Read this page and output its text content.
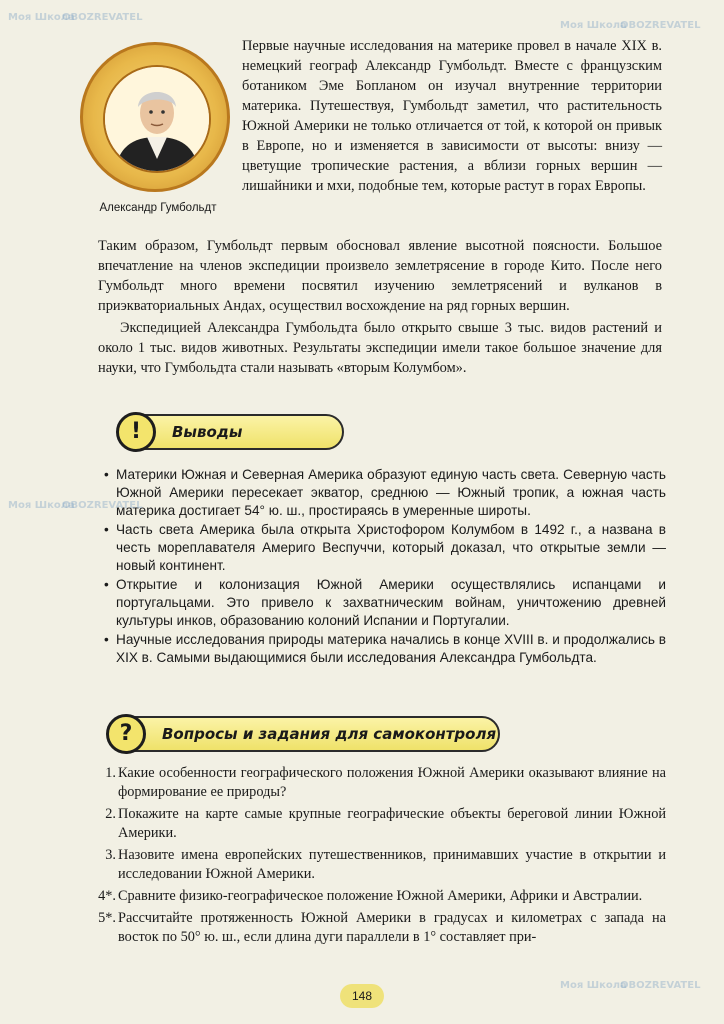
Александр Гумбольдт

Первые научные исследования на материке провел в начале XIX в. немецкий географ Александр Гумбольдт. Вместе с французским ботаником Эме Бопланом он изучал внутренние территории материка. Путешествуя, Гумбольдт заметил, что растительность Южной Америки не только отличается от той, к которой он привык в Европе, но и изменяется в зависимости от высоты: внизу — цветущие тропические растения, а вблизи горных вершин — лишайники и мхи, подобные тем, которые растут в горах Европы.

Таким образом, Гумбольдт первым обосновал явление высотной поясности. Большое впечатление на членов экспедиции произвело землетрясение в городе Кито. После него Гумбольдт много времени посвятил изучению землетрясений и вулканов в приэкваториальных Андах, осуществил восхождение на ряд горных вершин.

Экспедицией Александра Гумбольдта было открыто свыше 3 тыс. видов растений и около 1 тыс. видов животных. Результаты экспедиции имели такое большое значение для науки, что Гумбольдта стали называть «вторым Колумбом».

!	Выводы
• Материки Южная и Северная Америка образуют единую часть света. Северную часть Южной Америки пересекает экватор, среднюю — Южный тропик, а южная часть материка достигает 54° ю. ш., простираясь в умеренные широты.
• Часть света Америка была открыта Христофором Колумбом в 1492 г., а названа в честь мореплавателя Америго Веспуччи, который доказал, что открытые земли — новый континент.
• Открытие и колонизация Южной Америки осуществлялись испанцами и португальцами. Это привело к захватническим войнам, уничтожению древней культуры инков, образованию колоний Испании и Португалии.
• Научные исследования природы материка начались в конце XVIII в. и продолжались в XIX в. Самыми выдающимися были исследования Александра Гумбольдта.
?	Вопросы и задания для самоконтроля
1. Какие особенности географического положения Южной Америки оказывают влияние на формирование ее природы?
2. Покажите на карте самые крупные географические объекты береговой линии Южной Америки.
3. Назовите имена европейских путешественников, принимавших участие в открытии и исследовании Южной Америки.
4*. Сравните физико-географическое положение Южной Америки, Африки и Австралии.
5*. Рассчитайте протяженность Южной Америки в градусах и километрах с запада на восток по 50° ю. ш., если длина дуги параллели в 1° составляет при-
148
Моя Школа
OBOZREVATEL
Моя Школа
OBOZREVATEL
Моя Школа
OBOZREVATEL
Моя Школа
OBOZREVATEL
